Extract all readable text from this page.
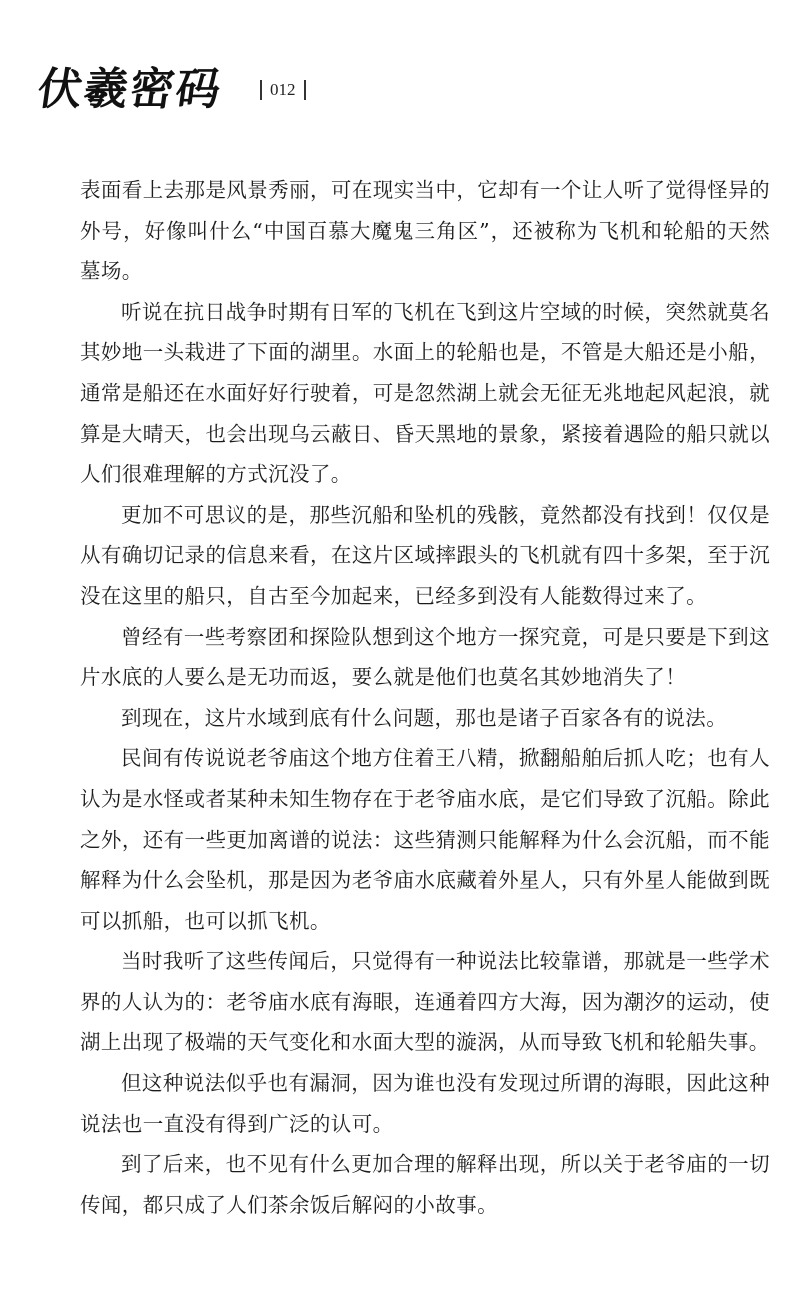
伏羲密码	012

表面看上去那是风景秀丽，可在现实当中，它却有一个让人听了觉得怪异的外号，好像叫什么“中国百慕大魔鬼三角区”，还被称为飞机和轮船的天然墓场。

听说在抗日战争时期有日军的飞机在飞到这片空域的时候，突然就莫名其妙地一头栽进了下面的湖里。水面上的轮船也是，不管是大船还是小船，通常是船还在水面好好行驶着，可是忽然湖上就会无征无兆地起风起浪，就算是大晴天，也会出现乌云蔽日、昏天黑地的景象，紧接着遇险的船只就以人们很难理解的方式沉没了。

更加不可思议的是，那些沉船和坠机的残骸，竟然都没有找到！仅仅是从有确切记录的信息来看，在这片区域摔跟头的飞机就有四十多架，至于沉没在这里的船只，自古至今加起来，已经多到没有人能数得过来了。

曾经有一些考察团和探险队想到这个地方一探究竟，可是只要是下到这片水底的人要么是无功而返，要么就是他们也莫名其妙地消失了！

到现在，这片水域到底有什么问题，那也是诸子百家各有的说法。

民间有传说说老爷庙这个地方住着王八精，掀翻船舶后抓人吃；也有人认为是水怪或者某种未知生物存在于老爷庙水底，是它们导致了沉船。除此之外，还有一些更加离谱的说法：这些猜测只能解释为什么会沉船，而不能解释为什么会坠机，那是因为老爷庙水底藏着外星人，只有外星人能做到既可以抓船，也可以抓飞机。

当时我听了这些传闻后，只觉得有一种说法比较靠谱，那就是一些学术界的人认为的：老爷庙水底有海眼，连通着四方大海，因为潮汐的运动，使湖上出现了极端的天气变化和水面大型的漩涡，从而导致飞机和轮船失事。

但这种说法似乎也有漏洞，因为谁也没有发现过所谓的海眼，因此这种说法也一直没有得到广泛的认可。

到了后来，也不见有什么更加合理的解释出现，所以关于老爷庙的一切传闻，都只成了人们茶余饭后解闷的小故事。
